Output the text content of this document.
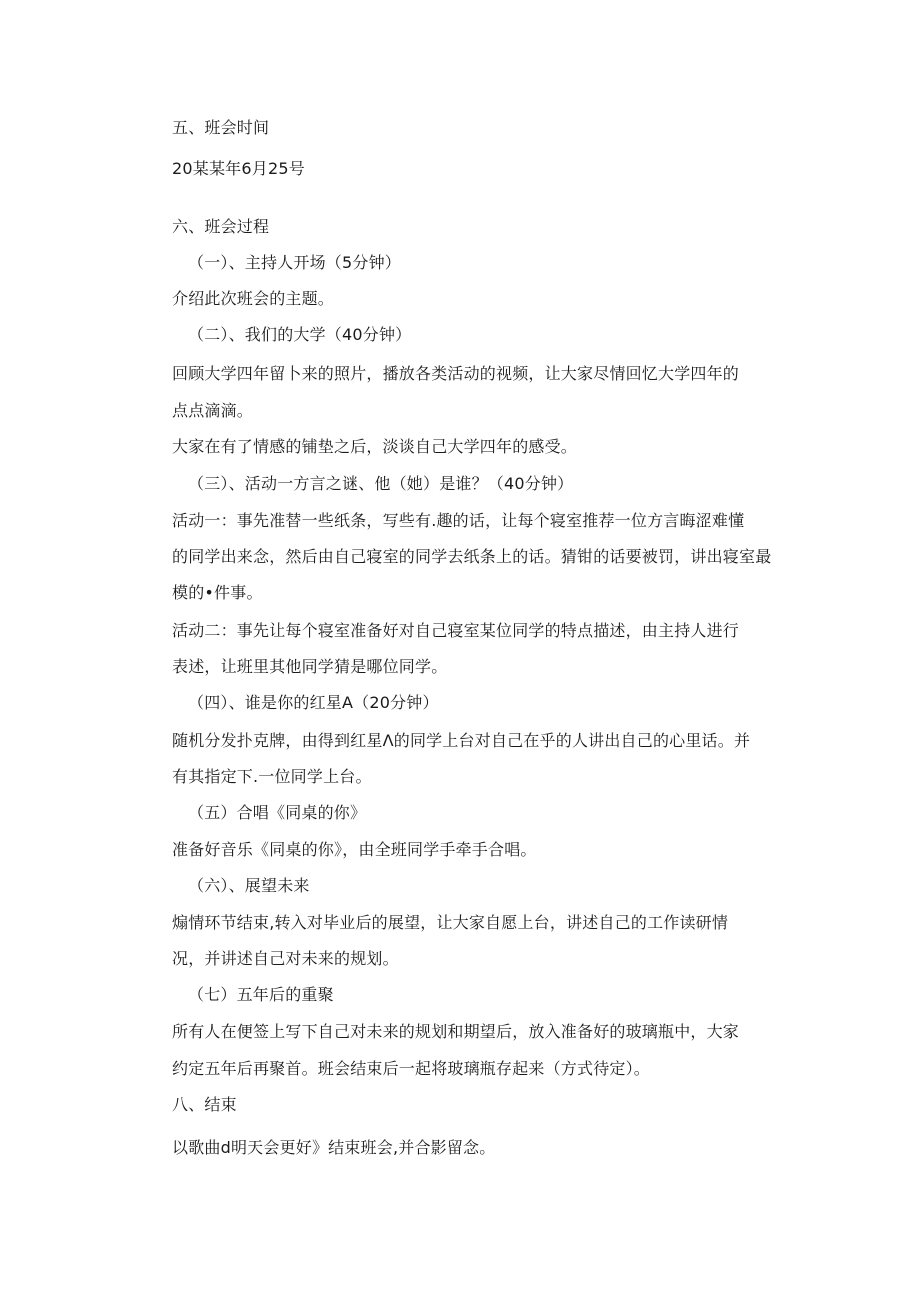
五、班会时间

20某某年6月25号

六、班会过程

（一）、主持人开场（5分钟）

介绍此次班会的主题。

（二）、我们的大学（40分钟）

回顾大学四年留卜来的照片，播放各类活动的视频，让大家尽情回忆大学四年的

点点滴滴。

大家在有了情感的铺垫之后，淡谈自己大学四年的感受。

（三）、活动一方言之谜、他（她）是谁？（40分钟）

活动一：事先准替一些纸条，写些有.趣的话，让每个寝室推荐一位方言晦涩难懂

的同学出来念，然后由自己寝室的同学去纸条上的话。猜钳的话要被罚，讲出寝室最

模的•件事。

活动二：事先让每个寝室准备好对自己寝室某位同学的特点描述，由主持人进行

表述，让班里其他同学猜是哪位同学。

（四）、谁是你的红星A（20分钟）

随机分发扑克牌，由得到红星Λ的同学上台对自己在乎的人讲出自己的心里话。并

有其指定下.一位同学上台。

（五）合唱《同桌的你》

准备好音乐《同桌的你》，由全班同学手牵手合唱。

（六）、展望未来

煽情环节结束,转入对毕业后的展望，让大家自愿上台，讲述自己的工作读研情

况，并讲述自己对未来的规划。

（七）五年后的重聚

所有人在便签上写下自己对未来的规划和期望后，放入准备好的玻璃瓶中，大家

约定五年后再聚首。班会结束后一起将玻璃瓶存起来（方式待定）。

八、结束

以歌曲d明天会更好》结束班会,并合影留念。
